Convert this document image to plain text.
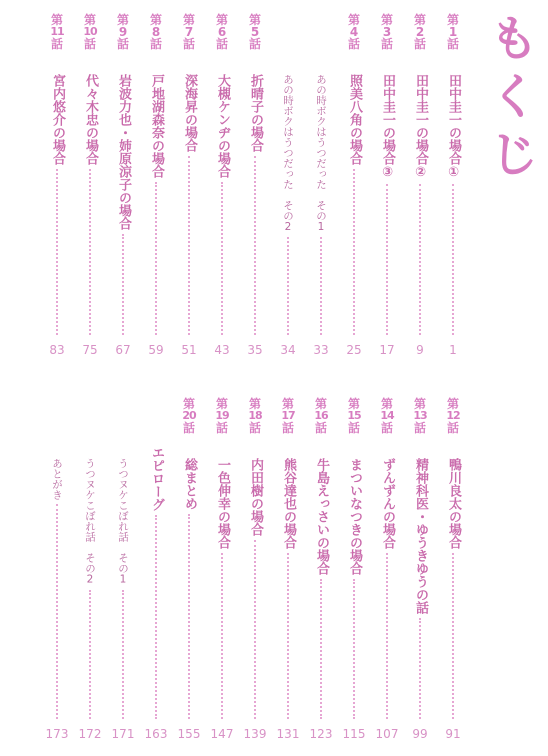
も
く
じ
第
1
話
田中圭一の場合①
1
第
2
話
田中圭一の場合②
9
第
3
話
田中圭一の場合③
17
第
4
話
照美八角の場合
25
あの時ボクはうつだった　その1
33
あの時ボクはうつだった　その2
34
第
5
話
折晴子の場合
35
第
6
話
大槻ケンヂの場合
43
第
7
話
深海昇の場合
51
第
8
話
戸地湖森奈の場合
59
第
9
話
岩波力也・姉原涼子の場合
67
第
10
話
代々木忠の場合
75
第
11
話
宮内悠介の場合
83
第
12
話
鴨川良太の場合
91
第
13
話
精神科医・ゆうきゆうの話
99
第
14
話
ずんずんの場合
107
第
15
話
まついなつきの場合
115
第
16
話
牛島えっさいの場合
123
第
17
話
熊谷達也の場合
131
第
18
話
内田樹の場合
139
第
19
話
一色伸幸の場合
147
第
20
話
総まとめ
155
エピローグ
163
うつヌケこぼれ話　その1
171
うつヌケこぼれ話　その2
172
あとがき
173
